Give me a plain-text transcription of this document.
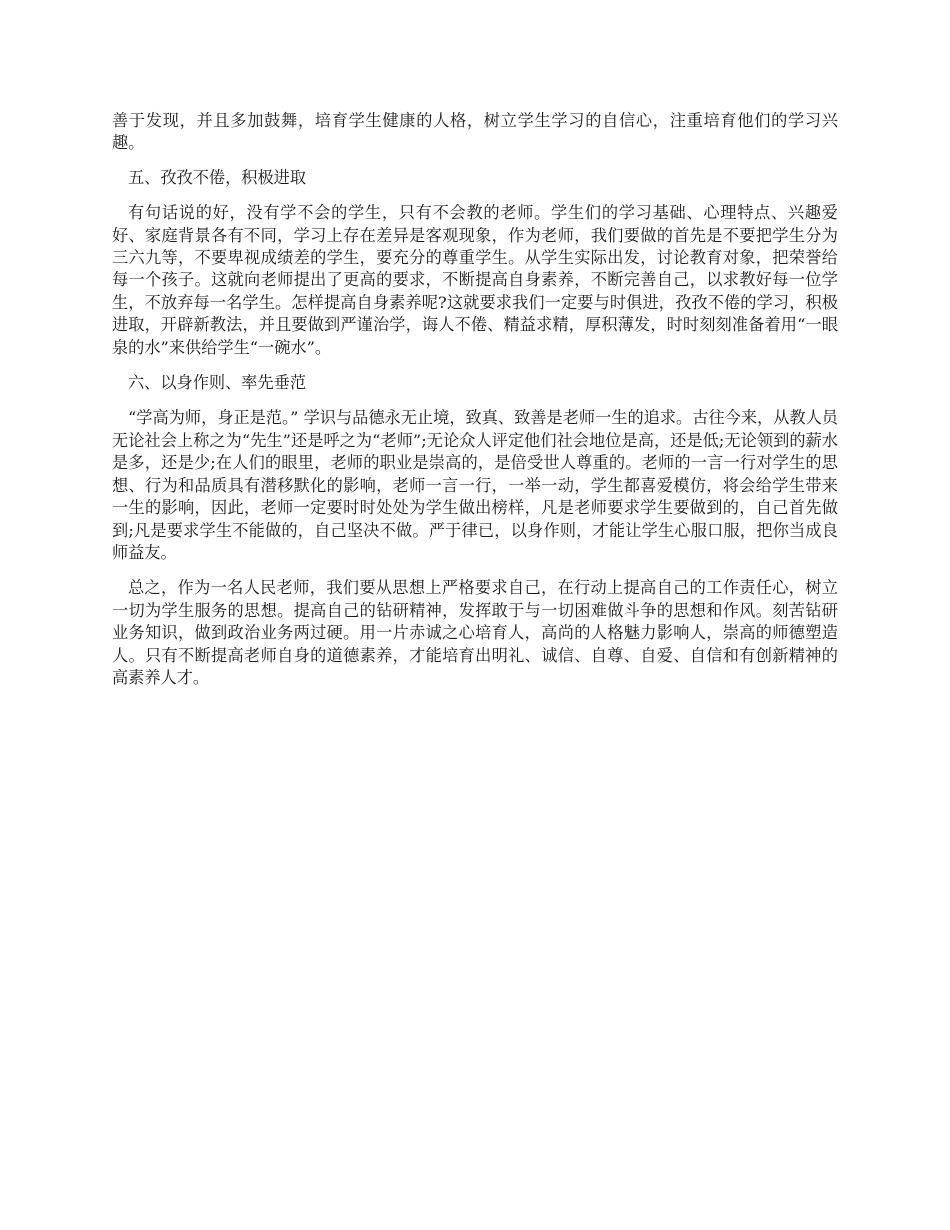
善于发现，并且多加鼓舞，培育学生健康的人格，树立学生学习的自信心，注重培育他们的学习兴趣。

五、孜孜不倦，积极进取

有句话说的好，没有学不会的学生，只有不会教的老师。学生们的学习基础、心理特点、兴趣爱好、家庭背景各有不同，学习上存在差异是客观现象，作为老师，我们要做的首先是不要把学生分为三六九等，不要卑视成绩差的学生，要充分的尊重学生。从学生实际出发，讨论教育对象，把荣誉给每一个孩子。这就向老师提出了更高的要求，不断提高自身素养，不断完善自己，以求教好每一位学生，不放弃每一名学生。怎样提高自身素养呢?这就要求我们一定要与时俱进，孜孜不倦的学习，积极进取，开辟新教法，并且要做到严谨治学，诲人不倦、精益求精，厚积薄发，时时刻刻准备着用“一眼泉的水”来供给学生“一碗水”。

六、以身作则、率先垂范

“学高为师，身正是范。” 学识与品德永无止境，致真、致善是老师一生的追求。古往今来，从教人员无论社会上称之为“先生”还是呼之为“老师”;无论众人评定他们社会地位是高，还是低;无论领到的薪水是多，还是少;在人们的眼里，老师的职业是崇高的，是倍受世人尊重的。老师的一言一行对学生的思想、行为和品质具有潜移默化的影响，老师一言一行，一举一动，学生都喜爱模仿，将会给学生带来一生的影响，因此，老师一定要时时处处为学生做出榜样，凡是老师要求学生要做到的，自己首先做到;凡是要求学生不能做的，自己坚决不做。严于律已，以身作则，才能让学生心服口服，把你当成良师益友。

总之，作为一名人民老师，我们要从思想上严格要求自己，在行动上提高自己的工作责任心，树立一切为学生服务的思想。提高自己的钻研精神，发挥敢于与一切困难做斗争的思想和作风。刻苦钻研业务知识，做到政治业务两过硬。用一片赤诚之心培育人，高尚的人格魅力影响人，崇高的师德塑造人。只有不断提高老师自身的道德素养，才能培育出明礼、诚信、自尊、自爱、自信和有创新精神的高素养人才。
